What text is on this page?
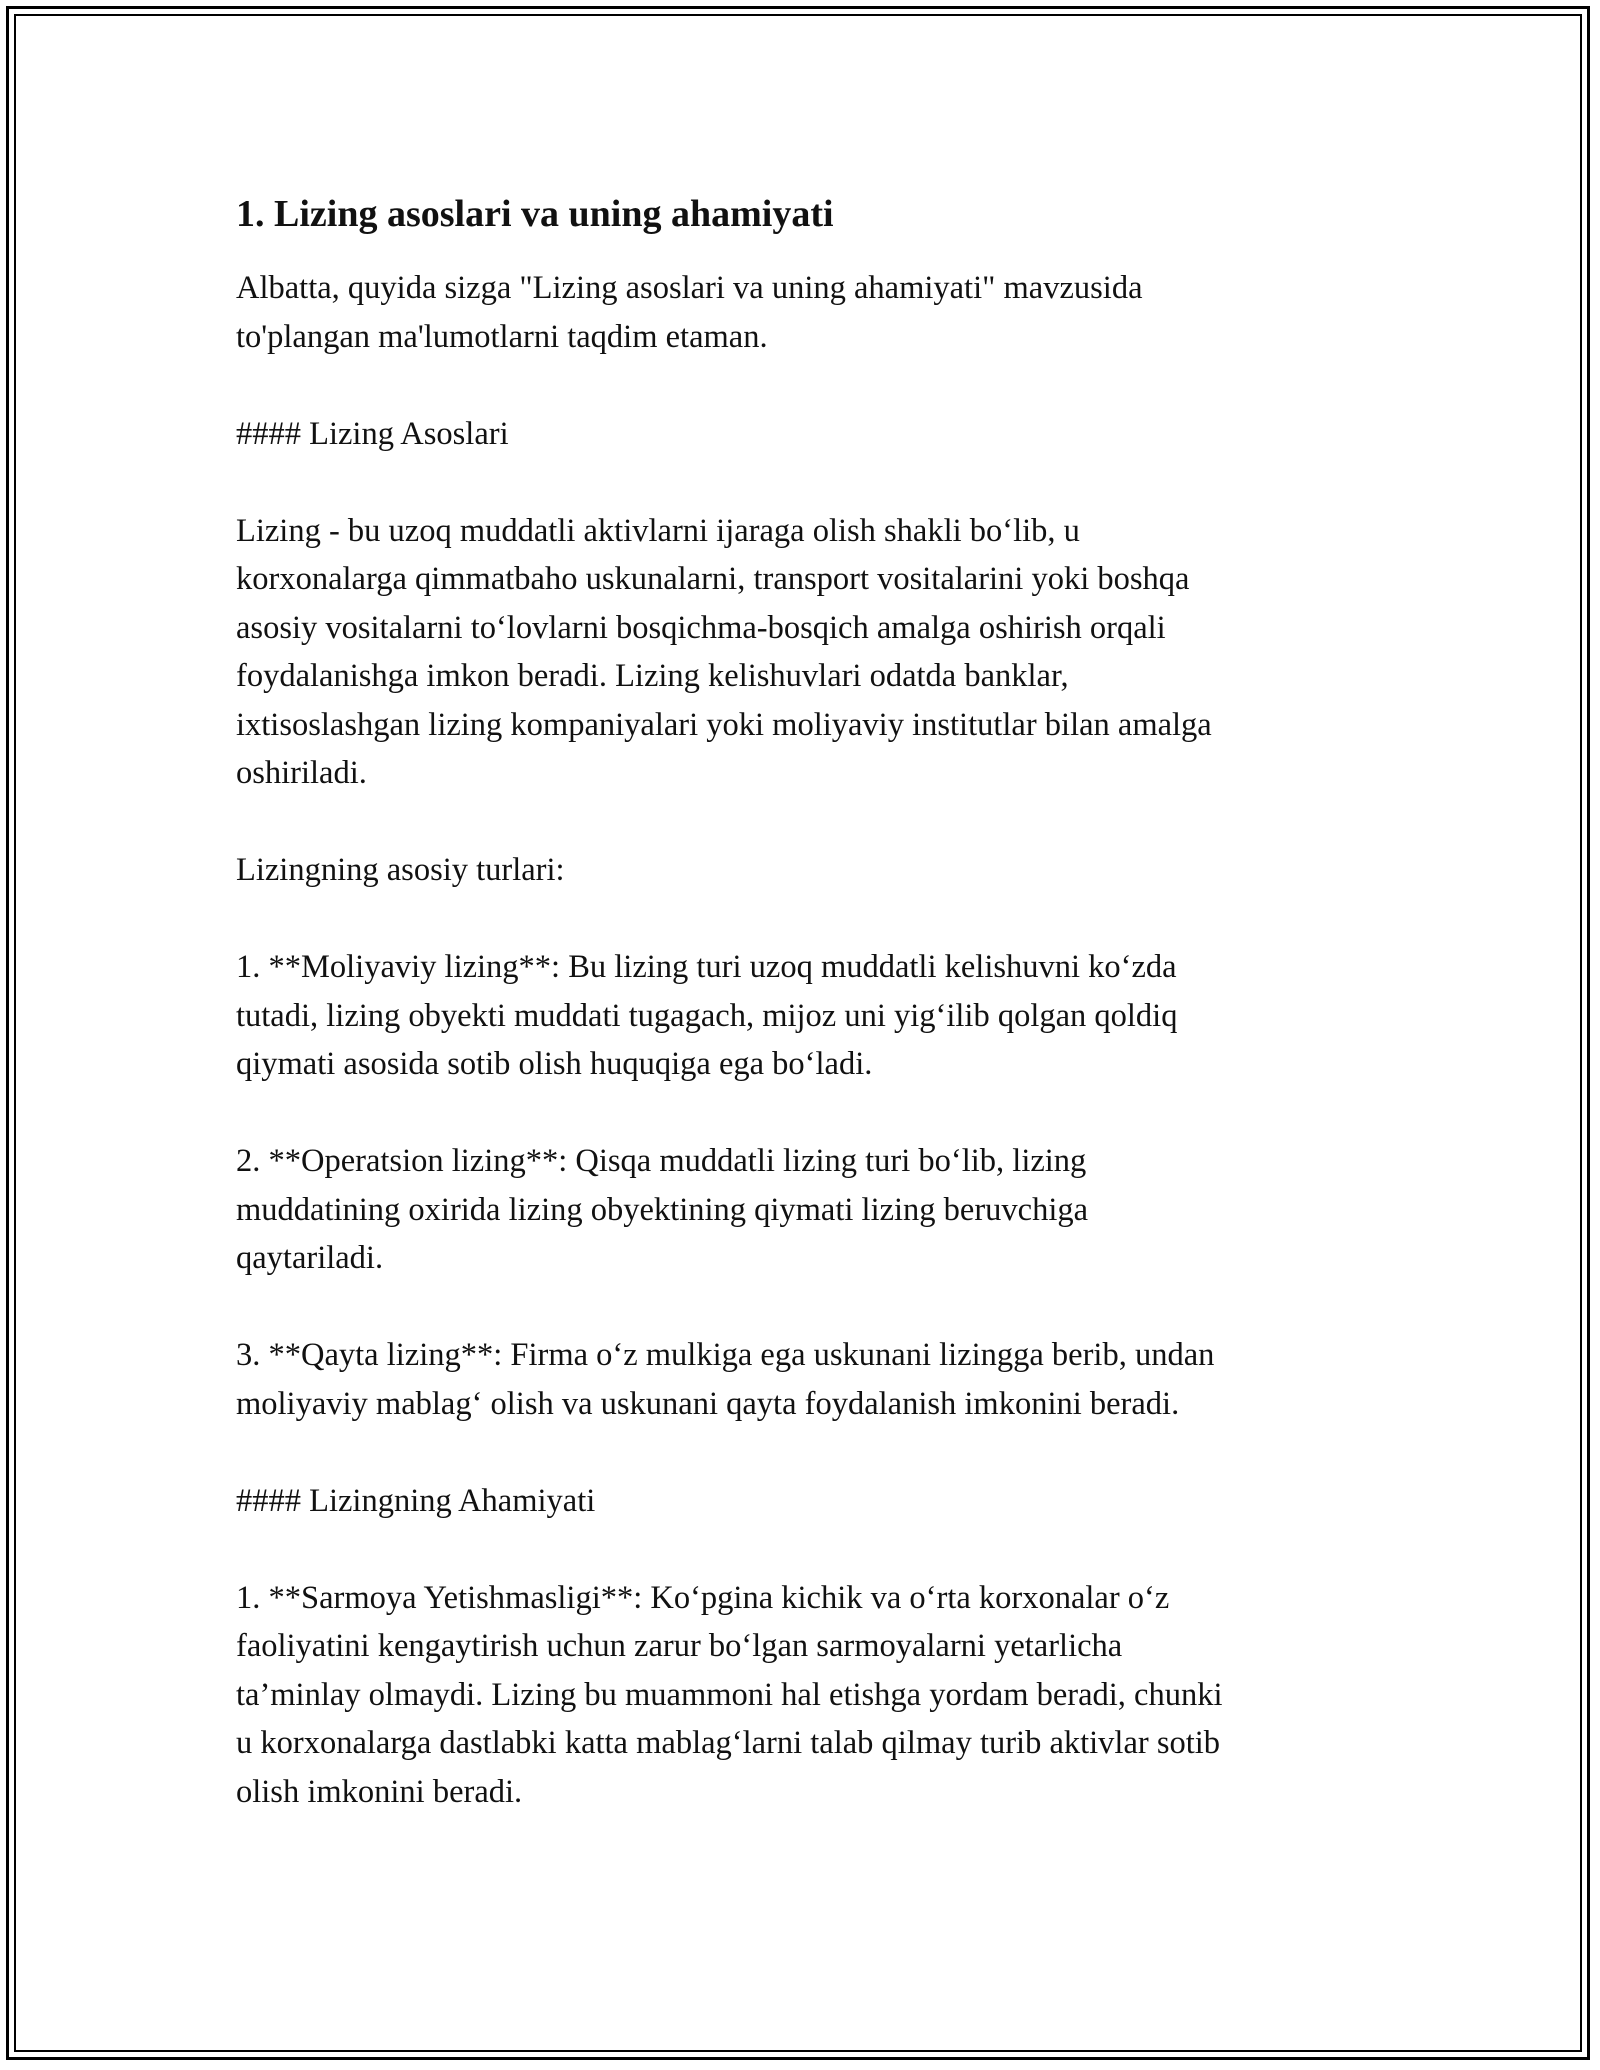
1. Lizing asoslari va uning ahamiyati

Albatta, quyida sizga "Lizing asoslari va uning ahamiyati" mavzusida
to'plangan ma'lumotlarni taqdim etaman.

#### Lizing Asoslari

Lizing - bu uzoq muddatli aktivlarni ijaraga olish shakli bo‘lib, u
korxonalarga qimmatbaho uskunalarni, transport vositalarini yoki boshqa
asosiy vositalarni to‘lovlarni bosqichma-bosqich amalga oshirish orqali
foydalanishga imkon beradi. Lizing kelishuvlari odatda banklar,
ixtisoslashgan lizing kompaniyalari yoki moliyaviy institutlar bilan amalga
oshiriladi.

Lizingning asosiy turlari:

1. **Moliyaviy lizing**: Bu lizing turi uzoq muddatli kelishuvni ko‘zda
tutadi, lizing obyekti muddati tugagach, mijoz uni yig‘ilib qolgan qoldiq
qiymati asosida sotib olish huquqiga ega bo‘ladi.

2. **Operatsion lizing**: Qisqa muddatli lizing turi bo‘lib, lizing
muddatining oxirida lizing obyektining qiymati lizing beruvchiga
qaytariladi.

3. **Qayta lizing**: Firma o‘z mulkiga ega uskunani lizingga berib, undan
moliyaviy mablag‘ olish va uskunani qayta foydalanish imkonini beradi.

#### Lizingning Ahamiyati

1. **Sarmoya Yetishmasligi**: Ko‘pgina kichik va o‘rta korxonalar o‘z
faoliyatini kengaytirish uchun zarur bo‘lgan sarmoyalarni yetarlicha
ta’minlay olmaydi. Lizing bu muammoni hal etishga yordam beradi, chunki
u korxonalarga dastlabki katta mablag‘larni talab qilmay turib aktivlar sotib
olish imkonini beradi.
